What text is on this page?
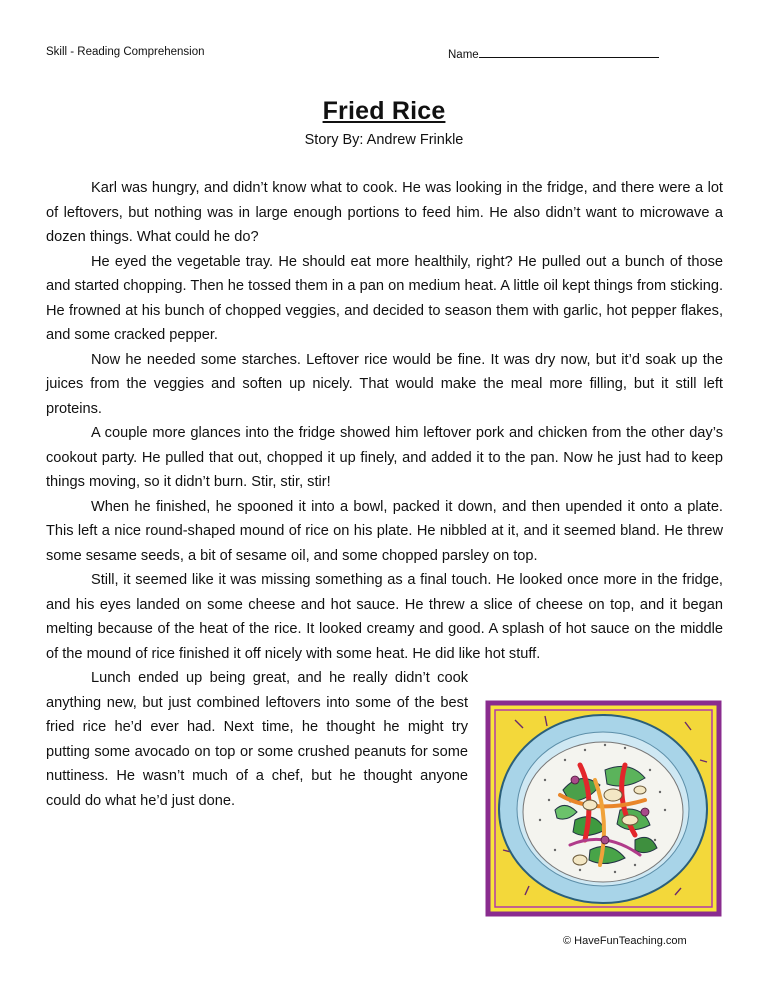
Skill - Reading Comprehension	Name
Fried Rice
Story By: Andrew Frinkle

Karl was hungry, and didn’t know what to cook. He was looking in the fridge, and there were a lot of leftovers, but nothing was in large enough portions to feed him. He also didn’t want to microwave a dozen things. What could he do?

He eyed the vegetable tray. He should eat more healthily, right? He pulled out a bunch of those and started chopping. Then he tossed them in a pan on medium heat. A little oil kept things from sticking. He frowned at his bunch of chopped veggies, and decided to season them with garlic, hot pepper flakes, and some cracked pepper.

Now he needed some starches. Leftover rice would be fine. It was dry now, but it’d soak up the juices from the veggies and soften up nicely. That would make the meal more filling, but it still left proteins.

A couple more glances into the fridge showed him leftover pork and chicken from the other day’s cookout party. He pulled that out, chopped it up finely, and added it to the pan. Now he just had to keep things moving, so it didn’t burn. Stir, stir, stir!

When he finished, he spooned it into a bowl, packed it down, and then upended it onto a plate. This left a nice round-shaped mound of rice on his plate. He nibbled at it, and it seemed bland. He threw some sesame seeds, a bit of sesame oil, and some chopped parsley on top.

Still, it seemed like it was missing something as a final touch. He looked once more in the fridge, and his eyes landed on some cheese and hot sauce. He threw a slice of cheese on top, and it began melting because of the heat of the rice. It looked creamy and good. A splash of hot sauce on the middle of the mound of rice finished it off nicely with some heat. He did like hot stuff.

Lunch ended up being great, and he really didn’t cook anything new, but just combined leftovers into some of the best fried rice he’d ever had. Next time, he thought he might try putting some avocado on top or some crushed peanuts for some nuttiness. He wasn’t much of a chef, but he thought anyone could do what he’d just done.

© HaveFunTeaching.com
